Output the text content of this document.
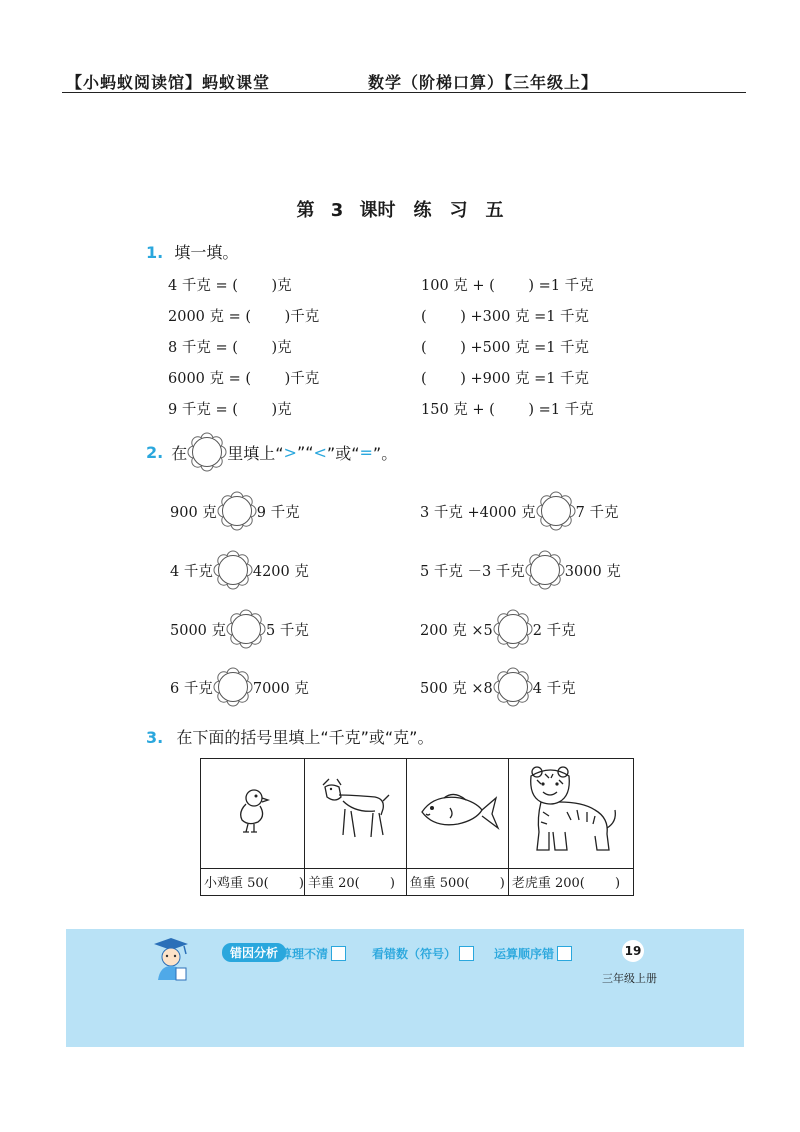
【小蚂蚁阅读馆】蚂蚁课堂	数学（阶梯口算）【三年级上】
第 3 课时　练　习　五
1. 填一填。
4 千克 = (　　 )克
2000 克 = (　　 )千克
8 千克 = (　　 )克
6000 克 = (　　 )千克
9 千克 = (　　 )克
100 克 + (　　 ) =1 千克
(　　 ) +300 克 =1 千克
(　　 ) +500 克 =1 千克
(　　 ) +900 克 =1 千克
150 克 + (　　 ) =1 千克
2. 在	里填上“ > ”“ < ”或“ = ”。
900 克	9 千克	3 千克 +4000 克	7 千克
4 千克	4200 克	5 千克 －3 千克	3000 克
5000 克	5 千克	200 克 ×5	2 千克
6 千克	7000 克	500 克 ×8	4 千克
3. 在下面的括号里填上“千克”或“克”。

小鸡重 50(　　 )	羊重 20(　　 )	鱼重 500(　　 )	老虎重 200(　　 )
错因分析 算理不清	看错数（符号）	运算顺序错	19
三年级上册
